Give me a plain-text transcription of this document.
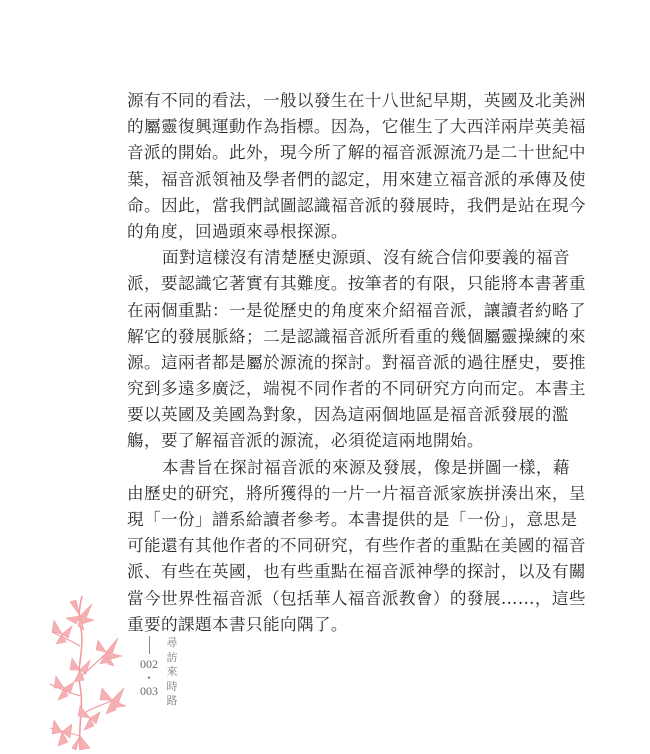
源有不同的看法，一般以發生在十八世紀早期，英國及北美洲
的屬靈復興運動作為指標。因為，它催生了大西洋兩岸英美福
音派的開始。此外，現今所了解的福音派源流乃是二十世紀中
葉，福音派領袖及學者們的認定，用來建立福音派的承傳及使
命。因此，當我們試圖認識福音派的發展時，我們是站在現今
的角度，回過頭來尋根探源。
面對這樣沒有清楚歷史源頭、沒有統合信仰要義的福音
派，要認識它著實有其難度。按筆者的有限，只能將本書著重
在兩個重點：一是從歷史的角度來介紹福音派，讓讀者約略了
解它的發展脈絡；二是認識福音派所看重的幾個屬靈操練的來
源。這兩者都是屬於源流的探討。對福音派的過往歷史，要推
究到多遠多廣泛，端視不同作者的不同研究方向而定。本書主
要以英國及美國為對象，因為這兩個地區是福音派發展的濫
觴，要了解福音派的源流，必須從這兩地開始。
本書旨在探討福音派的來源及發展，像是拼圖一樣，藉
由歷史的研究，將所獲得的一片一片福音派家族拼湊出來，呈
現「一份」譜系給讀者參考。本書提供的是「一份」，意思是
可能還有其他作者的不同研究，有些作者的重點在美國的福音
派、有些在英國，也有些重點在福音派神學的探討，以及有關
當今世界性福音派（包括華人福音派教會）的發展……，這些
重要的課題本書只能向隅了。
002
・
003
尋
訪
來
時
路
